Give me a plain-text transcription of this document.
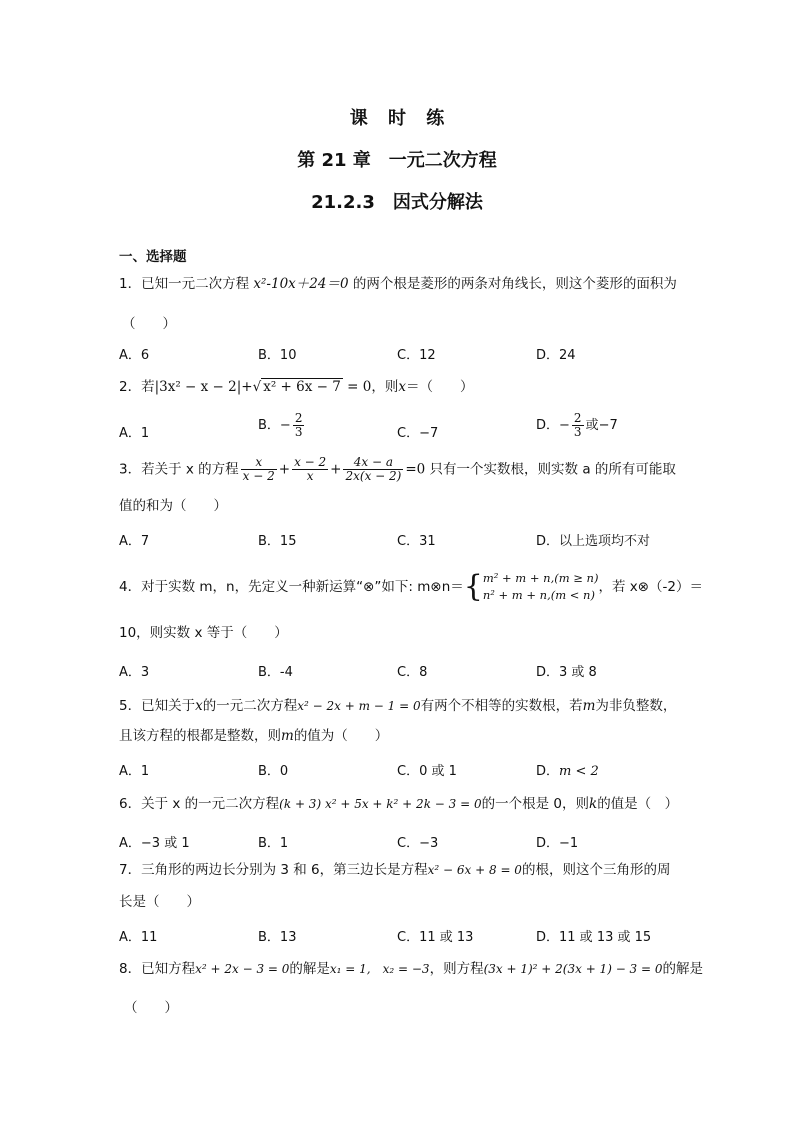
课 时 练
第 21 章　一元二次方程
21.2.3　因式分解法
一、选择题
1．已知一元二次方程 x²-10x＋24＝0 的两个根是菱形的两条对角线长，则这个菱形的面积为
（　　）
A．6	B．10	C．12	D．24
2．若|3x² − x − 2|+√ x² + 6x − 7 = 0，则x＝（　　）
A．1
B．− $\frac{2}{3}$	C．−7
D．− $\frac{2}{3}$ 或−7
3．若关于 x 的方程 $\frac{x}{x - 2} + \frac{x - 2}{x} + \frac{4x - a}{2x(x - 2)} =0$ 只有一个实数根，则实数 a 的所有可能取
值的和为（　　）
A．7	B．15	C．31	D．以上选项均不对
4．对于实数 m，n，先定义一种新运算“⊗”如下: m⊗n＝{ m² + m + n,(m ≥ n)
n² + m + n,(m < n) ，若 x⊗（-2）＝
10，则实数 x 等于（　　）
A．3	B．-4	C．8	D．3 或 8
5．已知关于x的一元二次方程x² − 2x + m − 1 = 0有两个不相等的实数根，若m为非负整数，
且该方程的根都是整数，则m的值为（　　）
A．1	B．0	C．0 或 1	D．m < 2
6．关于 x 的一元二次方程(k + 3) x² + 5x + k² + 2k − 3 = 0的一个根是 0，则k的值是（　）
A．−3 或 1	B．1	C．−3	D．−1
7．三角形的两边长分别为 3 和 6，第三边长是方程x² − 6x + 8 = 0的根，则这个三角形的周
长是（　　）
A．11	B．13	C．11 或 13	D．11 或 13 或 15
8．已知方程x² + 2x − 3 = 0的解是x₁ = 1,　x₂ = −3，则方程(3x + 1)² + 2(3x + 1) − 3 = 0的解是
（　　）
